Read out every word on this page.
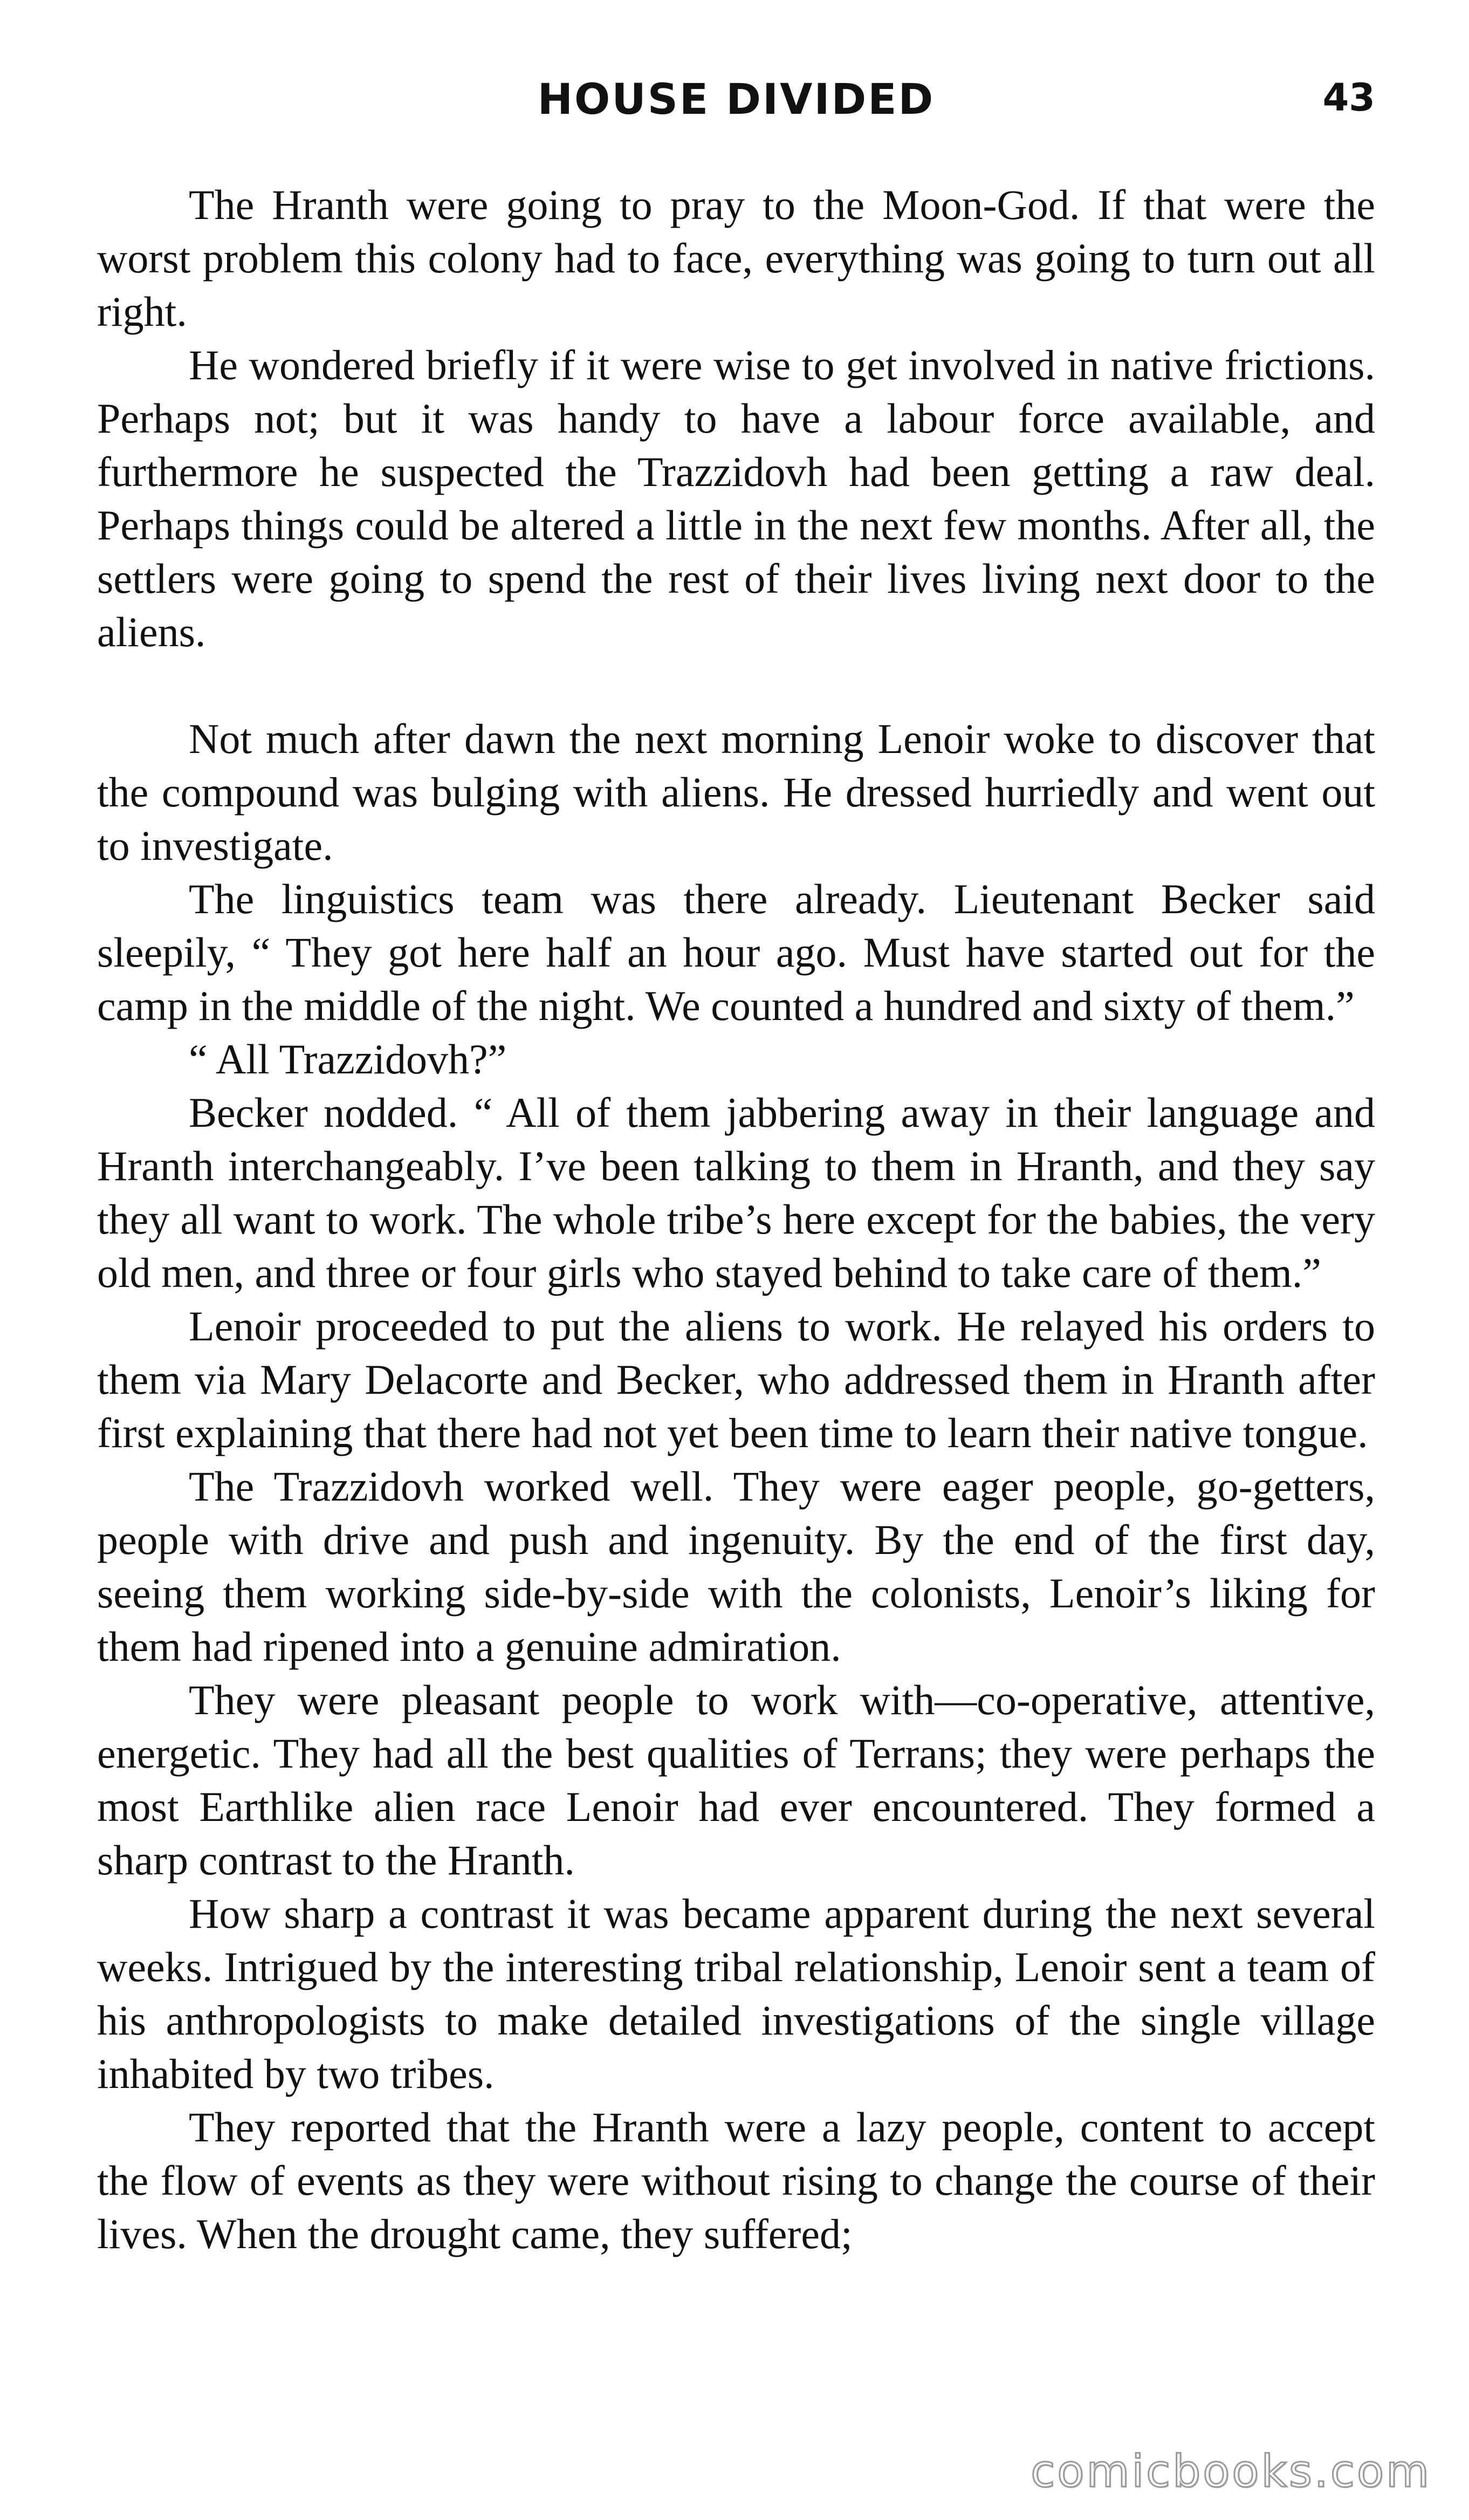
HOUSE DIVIDED	43

The Hranth were going to pray to the Moon-God. If that were the worst problem this colony had to face, everything was going to turn out all right.

He wondered briefly if it were wise to get involved in native frictions. Perhaps not; but it was handy to have a labour force available, and furthermore he suspected the Trazzidovh had been getting a raw deal. Perhaps things could be altered a little in the next few months. After all, the settlers were going to spend the rest of their lives living next door to the aliens.

Not much after dawn the next morning Lenoir woke to discover that the compound was bulging with aliens. He dressed hurriedly and went out to investigate.

The linguistics team was there already. Lieutenant Becker said sleepily, “ They got here half an hour ago. Must have started out for the camp in the middle of the night. We counted a hundred and sixty of them.”

“ All Trazzidovh?”

Becker nodded. “ All of them jabbering away in their language and Hranth interchangeably. I’ve been talking to them in Hranth, and they say they all want to work. The whole tribe’s here except for the babies, the very old men, and three or four girls who stayed behind to take care of them.”

Lenoir proceeded to put the aliens to work. He relayed his orders to them via Mary Delacorte and Becker, who addressed them in Hranth after first explaining that there had not yet been time to learn their native tongue.

The Trazzidovh worked well. They were eager people, go-getters, people with drive and push and ingenuity. By the end of the first day, seeing them working side-by-side with the colonists, Lenoir’s liking for them had ripened into a genuine admiration.

They were pleasant people to work with—co-operative, attentive, energetic. They had all the best qualities of Terrans; they were perhaps the most Earthlike alien race Lenoir had ever encountered. They formed a sharp contrast to the Hranth.

How sharp a contrast it was became apparent during the next several weeks. Intrigued by the interesting tribal relationship, Lenoir sent a team of his anthropologists to make detailed investigations of the single village inhabited by two tribes.

They reported that the Hranth were a lazy people, content to accept the flow of events as they were without rising to change the course of their lives. When the drought came, they suffered;

comicbooks.com
